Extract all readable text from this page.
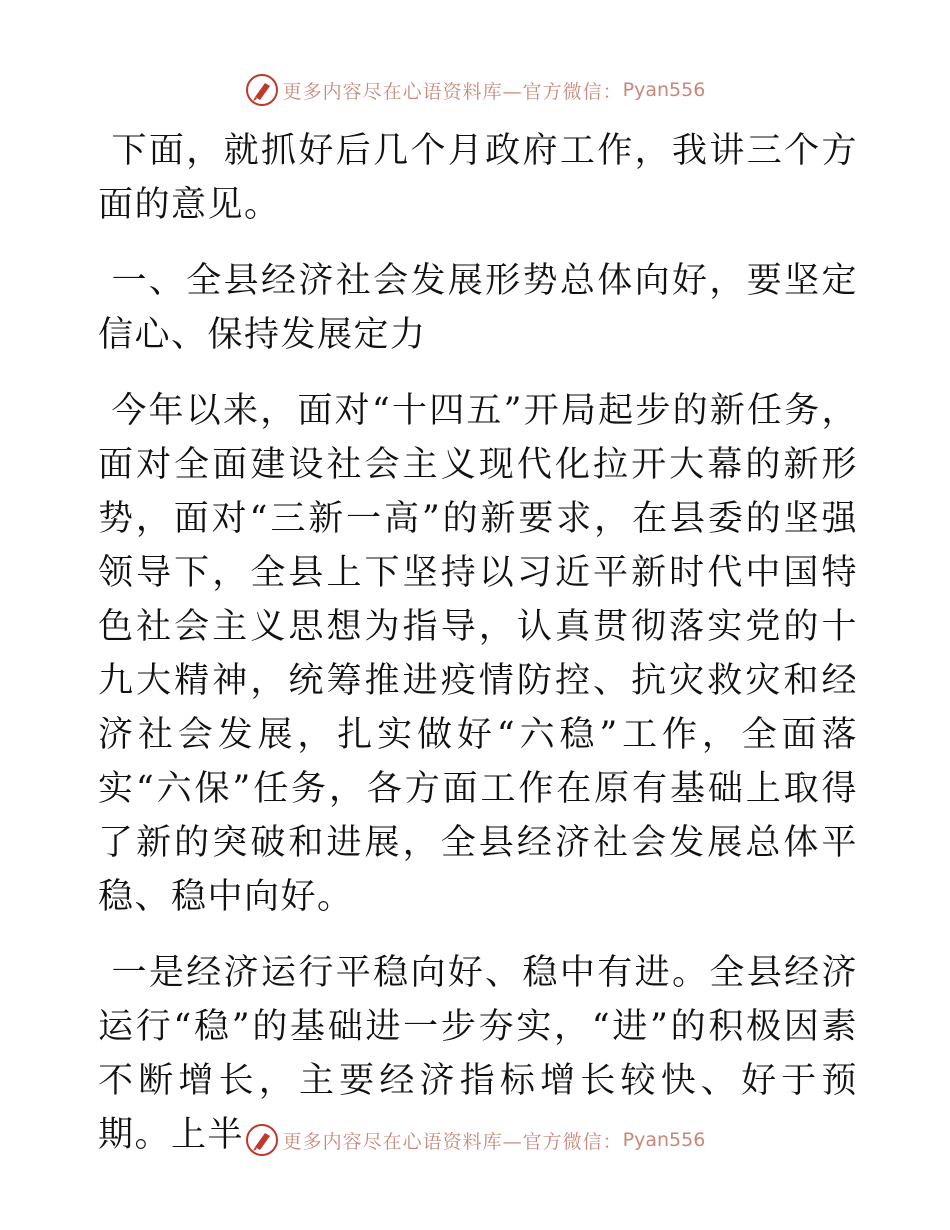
更多内容尽在心语资料库—官方微信： Pyan556

下面，就抓好后几个月政府工作，我讲三个方面的意见。

一、全县经济社会发展形势总体向好，要坚定信心、保持发展定力

今年以来，面对“十四五”开局起步的新任务，面对全面建设社会主义现代化拉开大幕的新形势，面对“三新一高”的新要求，在县委的坚强领导下，全县上下坚持以习近平新时代中国特色社会主义思想为指导，认真贯彻落实党的十九大精神，统筹推进疫情防控、抗灾救灾和经济社会发展，扎实做好“六稳”工作，全面落实“六保”任务，各方面工作在原有基础上取得了新的突破和进展，全县经济社会发展总体平稳、稳中向好。

一是经济运行平稳向好、稳中有进。全县经济运行“稳”的基础进一步夯实，“进”的积极因素不断增长，主要经济指标增长较快、好于预期。上半	更多内容尽在心语资料库—官方微信： Pyan556
